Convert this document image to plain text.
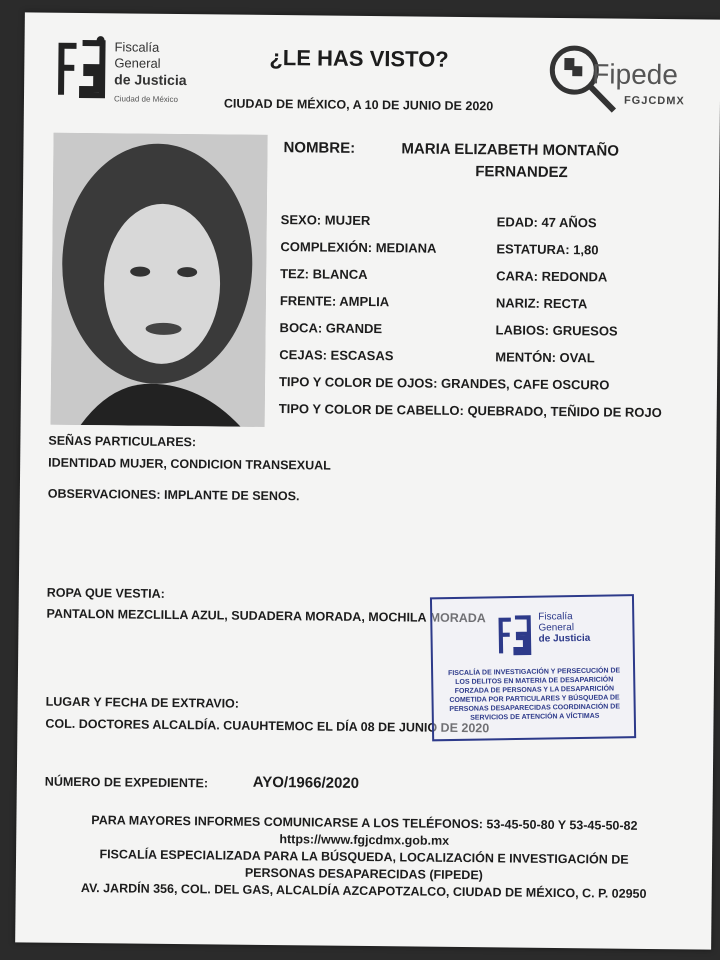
Fiscalía
General
de Justicia
Ciudad de México
¿LE HAS VISTO?
CIUDAD DE MÉXICO, A 10 DE JUNIO DE 2020
Fipede
FGJCDMX
NOMBRE:	MARIA ELIZABETH MONTAÑO
FERNANDEZ
SEXO: MUJER	EDAD: 47 AÑOS
COMPLEXIÓN: MEDIANA	ESTATURA: 1,80
TEZ: BLANCA	CARA: REDONDA
FRENTE: AMPLIA	NARIZ: RECTA
BOCA: GRANDE	LABIOS: GRUESOS
CEJAS: ESCASAS	MENTÓN: OVAL
TIPO Y COLOR DE OJOS: GRANDES, CAFE OSCURO
TIPO Y COLOR DE CABELLO: QUEBRADO, TEÑIDO DE ROJO
SEÑAS PARTICULARES:
IDENTIDAD MUJER, CONDICION TRANSEXUAL
OBSERVACIONES: IMPLANTE DE SENOS.
ROPA QUE VESTIA:
PANTALON MEZCLILLA AZUL, SUDADERA MORADA, MOCHILA MORADA
LUGAR Y FECHA DE EXTRAVIO:
COL. DOCTORES ALCALDÍA. CUAUHTEMOC EL DÍA 08 DE JUNIO DE 2020
NÚMERO DE EXPEDIENTE:	AYO/1966/2020
Fiscalía
General
de Justicia
FISCALÍA DE INVESTIGACIÓN Y PERSECUCIÓN DE LOS DELITOS EN MATERIA DE DESAPARICIÓN FORZADA DE PERSONAS Y LA DESAPARICIÓN COMETIDA POR PARTICULARES Y BÚSQUEDA DE PERSONAS DESAPARECIDAS COORDINACIÓN DE SERVICIOS DE ATENCIÓN A VÍCTIMAS
PARA MAYORES INFORMES COMUNICARSE A LOS TELÉFONOS: 53-45-50-80 Y 53-45-50-82
https://www.fgjcdmx.gob.mx
FISCALÍA ESPECIALIZADA PARA LA BÚSQUEDA, LOCALIZACIÓN E INVESTIGACIÓN DE
PERSONAS DESAPARECIDAS (FIPEDE)
AV. JARDÍN 356, COL. DEL GAS, ALCALDÍA AZCAPOTZALCO, CIUDAD DE MÉXICO, C. P. 02950
